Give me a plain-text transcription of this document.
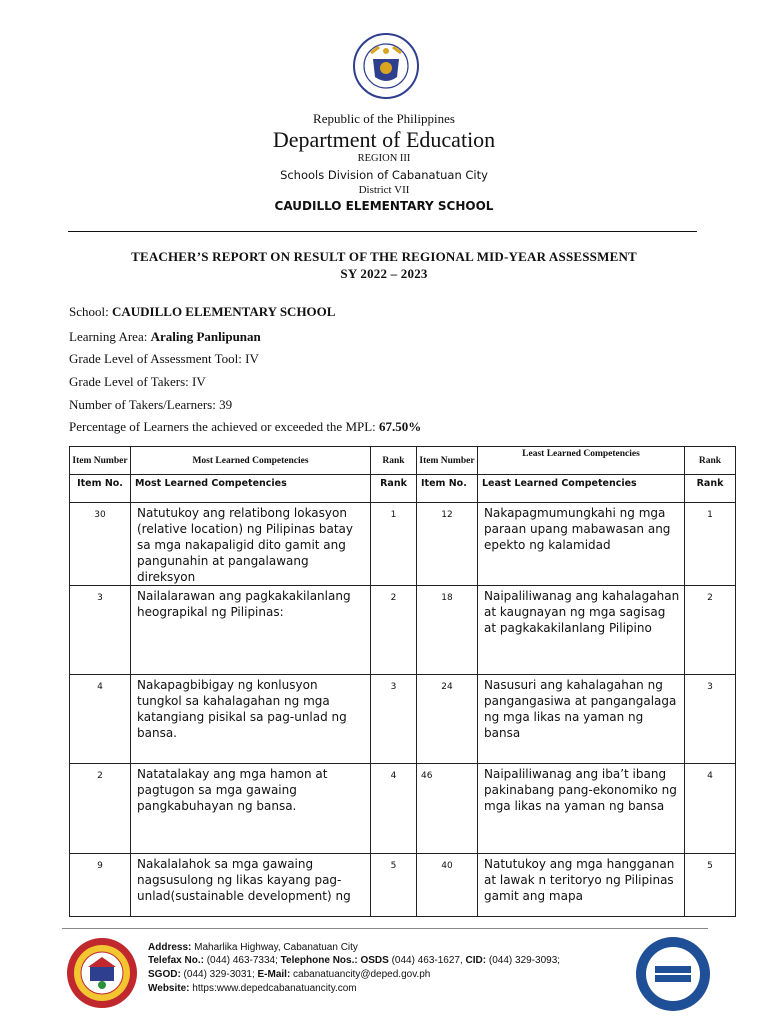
Republic of the Philippines
Department of Education
REGION III
Schools Division of Cabanatuan City
District VII
CAUDILLO ELEMENTARY SCHOOL
TEACHER’S REPORT ON RESULT OF THE REGIONAL MID-YEAR ASSESSMENT
SY 2022 – 2023
School: CAUDILLO ELEMENTARY SCHOOL
Learning Area: Araling Panlipunan
Grade Level of Assessment Tool: IV
Grade Level of Takers: IV
Number of Takers/Learners: 39
Percentage of Learners the achieved or exceeded the MPL: 67.50%
Item Number	Most Learned Competencies	Rank	Item Number	Least Learned Competencies	Rank
Item No.	Most Learned Competencies	Rank	Item No.	Least Learned Competencies	Rank
30	Natutukoy ang relatibong lokasyon (relative location) ng Pilipinas batay sa mga nakapaligid dito gamit ang pangunahin at pangalawang direksyon	1	12	Nakapagmumungkahi ng mga paraan upang mabawasan ang epekto ng kalamidad	1
3	Nailalarawan ang pagkakakilanlang heograpikal ng Pilipinas:	2	18	Naipaliliwanag ang kahalagahan at kaugnayan ng mga sagisag at pagkakakilanlang Pilipino	2
4	Nakapagbibigay ng konlusyon tungkol sa kahalagahan ng mga katangiang pisikal sa pag-unlad ng bansa.	3	24	Nasusuri ang kahalagahan ng pangangasiwa at pangangalaga ng mga likas na yaman ng bansa	3
2	Natatalakay ang mga hamon at pagtugon sa mga gawaing pangkabuhayan ng bansa.	4	46	Naipaliliwanag ang iba’t ibang pakinabang pang-ekonomiko ng mga likas na yaman ng bansa	4
9	Nakalalahok sa mga gawaing nagsusulong ng likas kayang pag-unlad(sustainable development) ng	5	40	Natutukoy ang mga hangganan at lawak n teritoryo ng Pilipinas gamit ang mapa	5
Address: Maharlika Highway, Cabanatuan City
Telefax No.: (044) 463-7334; Telephone Nos.: OSDS (044) 463-1627, CID: (044) 329-3093;
SGOD: (044) 329-3031; E-Mail: cabanatuancity@deped.gov.ph
Website: https:www.depedcabanatuancity.com
